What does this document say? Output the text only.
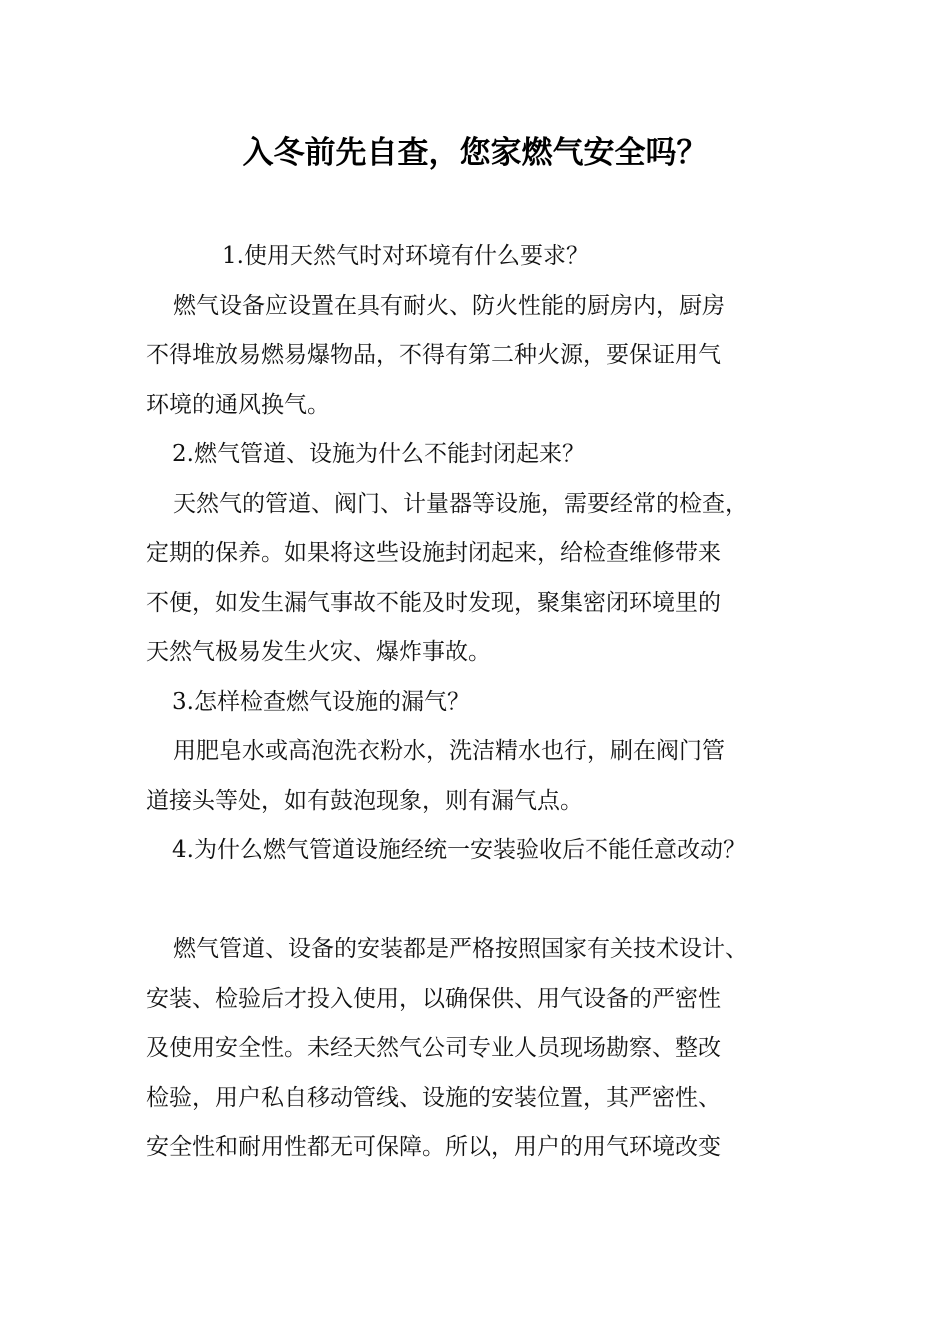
入冬前先自查，您家燃气安全吗？

1.使用天然气时对环境有什么要求？

燃气设备应设置在具有耐火、防火性能的厨房内，厨房
不得堆放易燃易爆物品，不得有第二种火源，要保证用气
环境的通风换气。

2.燃气管道、设施为什么不能封闭起来？

天然气的管道、阀门、计量器等设施，需要经常的检查，
定期的保养。如果将这些设施封闭起来，给检查维修带来
不便，如发生漏气事故不能及时发现，聚集密闭环境里的
天然气极易发生火灾、爆炸事故。

3.怎样检查燃气设施的漏气？

用肥皂水或高泡洗衣粉水，洗洁精水也行，刷在阀门管
道接头等处，如有鼓泡现象，则有漏气点。

4.为什么燃气管道设施经统一安装验收后不能任意改动？

燃气管道、设备的安装都是严格按照国家有关技术设计、
安装、检验后才投入使用，以确保供、用气设备的严密性
及使用安全性。未经天然气公司专业人员现场勘察、整改
检验，用户私自移动管线、设施的安装位置，其严密性、
安全性和耐用性都无可保障。所以，用户的用气环境改变
